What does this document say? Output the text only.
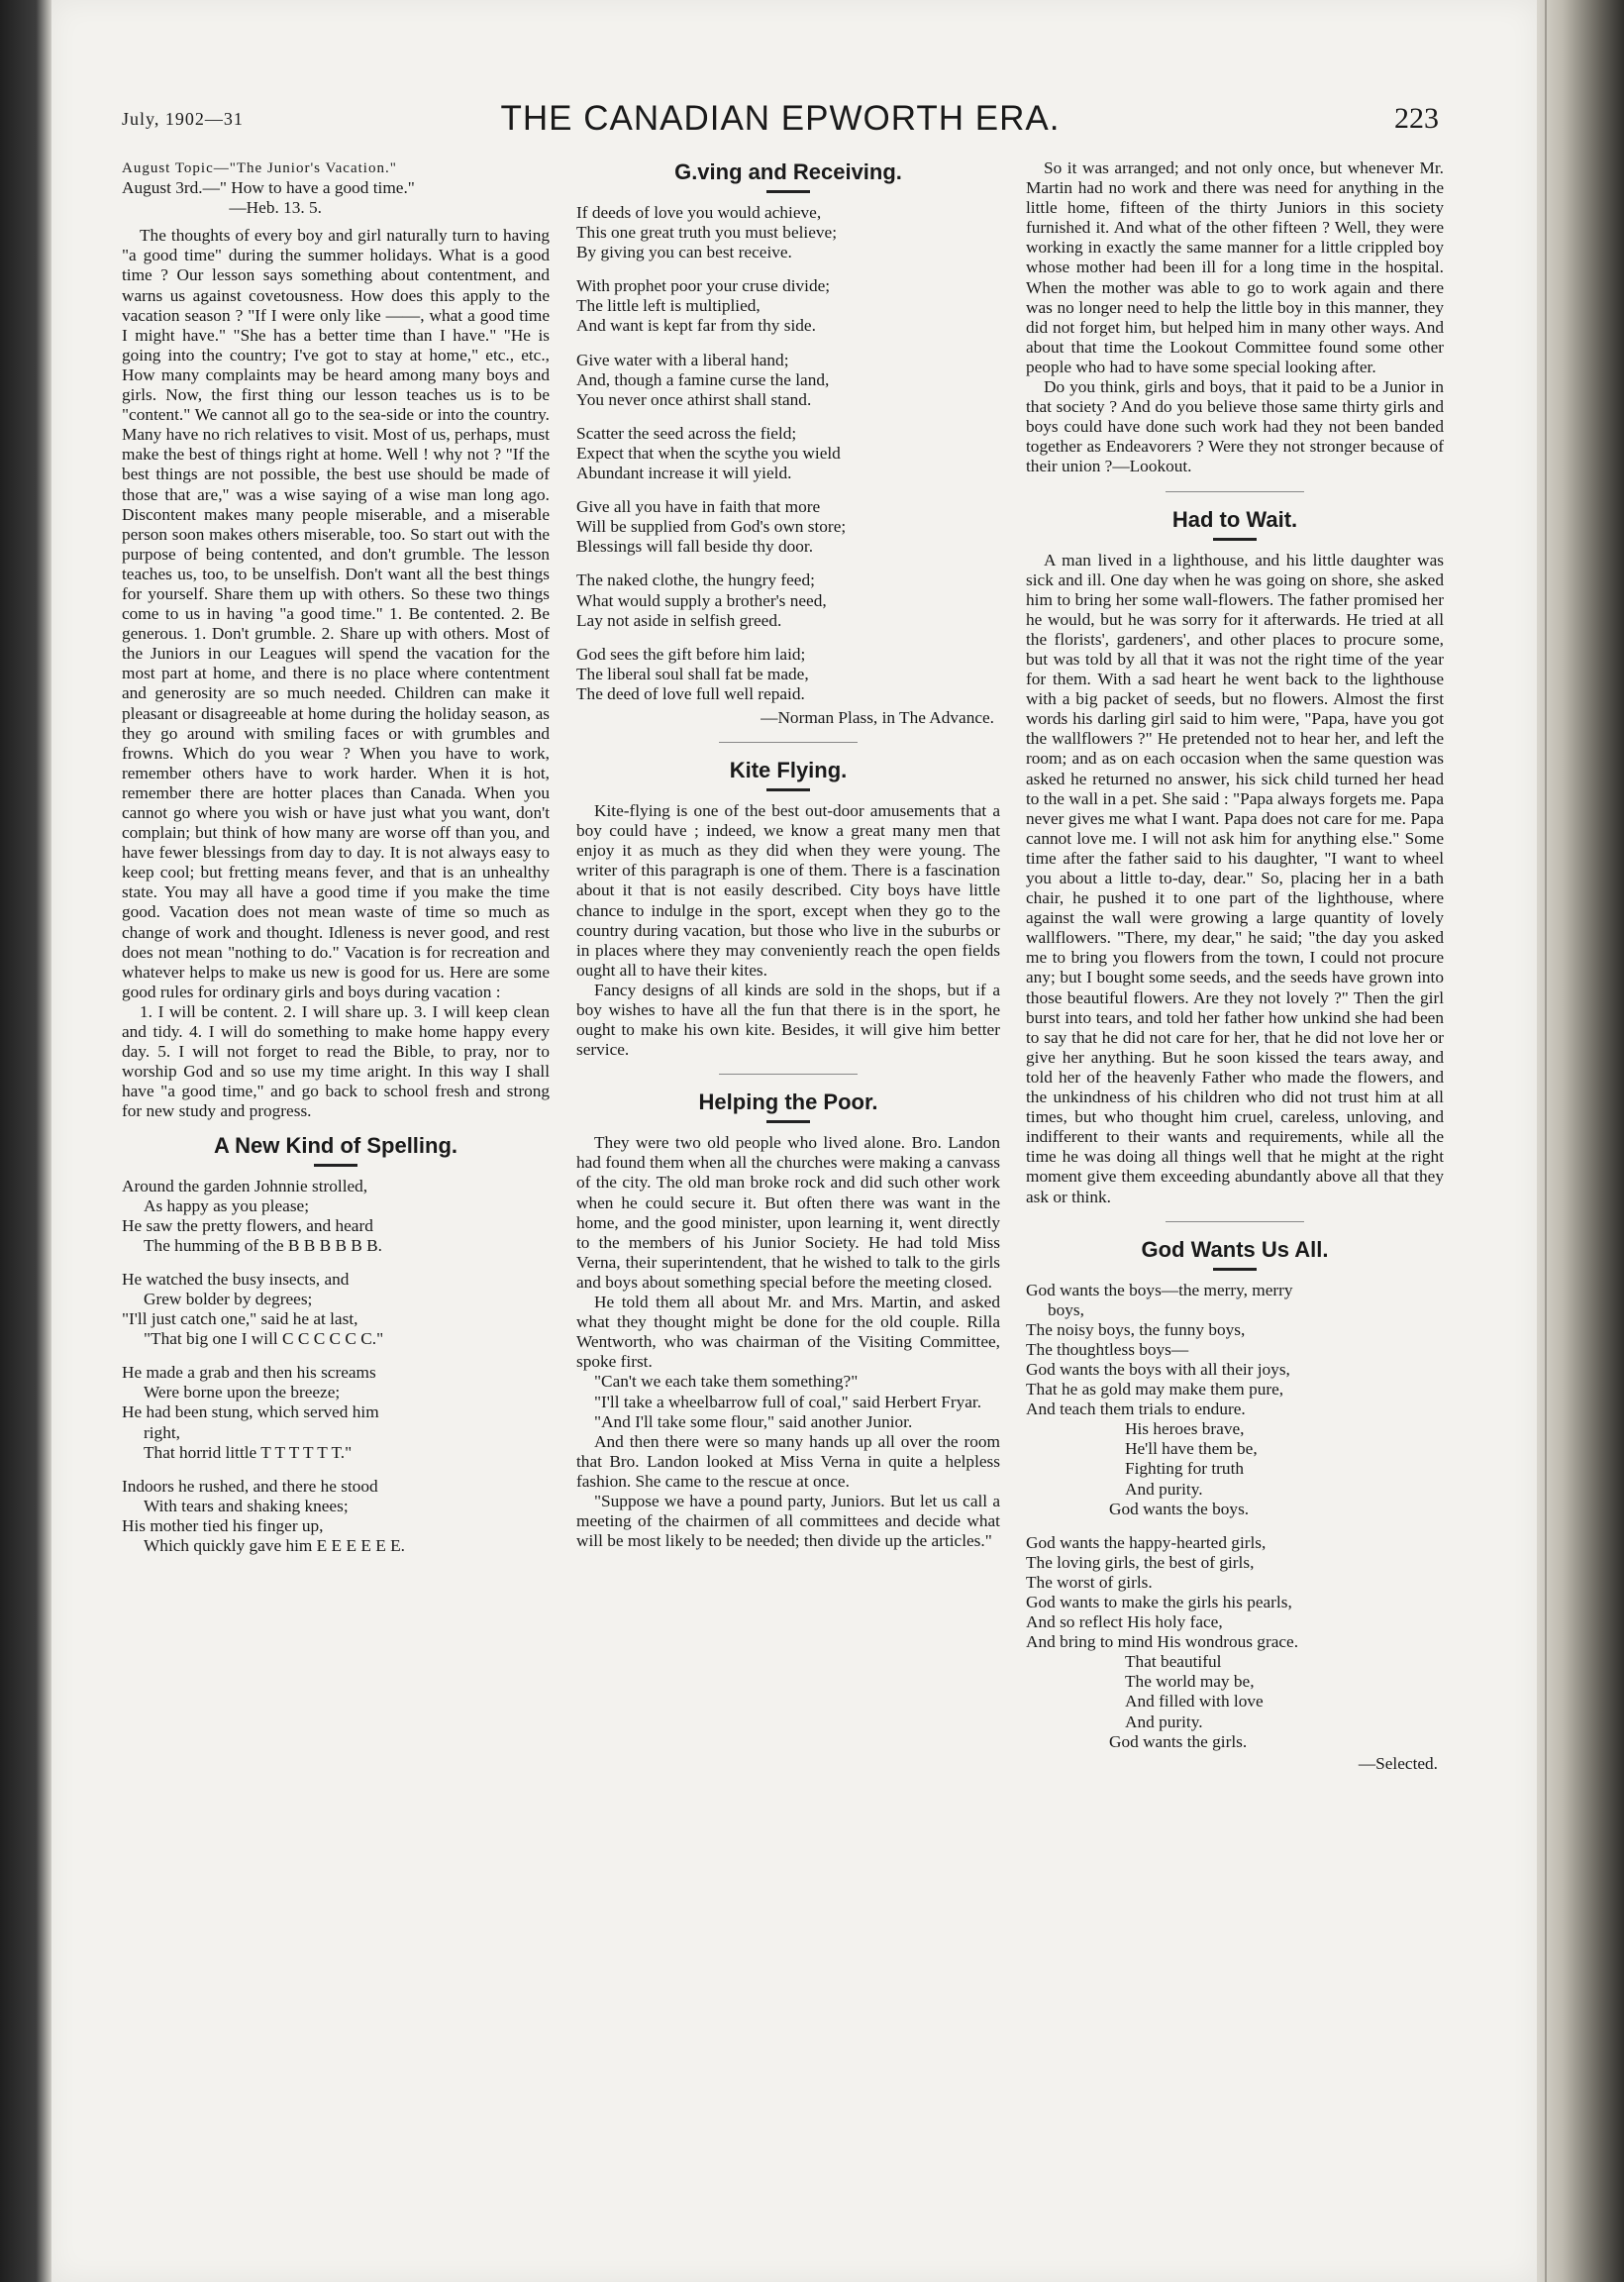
July, 1902—31	THE CANADIAN EPWORTH ERA.	223

August Topic—"The Junior's Vacation."

August 3rd.—" How to have a good time."

—Heb. 13. 5.

The thoughts of every boy and girl naturally turn to having "a good time" during the summer holidays. What is a good time ? Our lesson says something about contentment, and warns us against covetousness. How does this apply to the vacation season ? "If I were only like ——, what a good time I might have." "She has a better time than I have." "He is going into the country; I've got to stay at home," etc., etc., How many complaints may be heard among many boys and girls. Now, the first thing our lesson teaches us is to be "content." We cannot all go to the sea-side or into the country. Many have no rich relatives to visit. Most of us, perhaps, must make the best of things right at home. Well ! why not ? "If the best things are not possible, the best use should be made of those that are," was a wise saying of a wise man long ago. Discontent makes many people miserable, and a miserable person soon makes others miserable, too. So start out with the purpose of being contented, and don't grumble. The lesson teaches us, too, to be unselfish. Don't want all the best things for yourself. Share them up with others. So these two things come to us in having "a good time." 1. Be contented. 2. Be generous. 1. Don't grumble. 2. Share up with others. Most of the Juniors in our Leagues will spend the vacation for the most part at home, and there is no place where contentment and generosity are so much needed. Children can make it pleasant or disagreeable at home during the holiday season, as they go around with smiling faces or with grumbles and frowns. Which do you wear ? When you have to work, remember others have to work harder. When it is hot, remember there are hotter places than Canada. When you cannot go where you wish or have just what you want, don't complain; but think of how many are worse off than you, and have fewer blessings from day to day. It is not always easy to keep cool; but fretting means fever, and that is an unhealthy state. You may all have a good time if you make the time good. Vacation does not mean waste of time so much as change of work and thought. Idleness is never good, and rest does not mean "nothing to do." Vacation is for recreation and whatever helps to make us new is good for us. Here are some good rules for ordinary girls and boys during vacation :

1. I will be content. 2. I will share up. 3. I will keep clean and tidy. 4. I will do something to make home happy every day. 5. I will not forget to read the Bible, to pray, nor to worship God and so use my time aright. In this way I shall have "a good time," and go back to school fresh and strong for new study and progress.

A New Kind of Spelling.
Around the garden Johnnie strolled,
As happy as you please;
He saw the pretty flowers, and heard
The humming of the B B B B B B.
He watched the busy insects, and
Grew bolder by degrees;
"I'll just catch one," said he at last,
"That big one I will C C C C C C."
He made a grab and then his screams
Were borne upon the breeze;
He had been stung, which served him
right,
That horrid little T T T T T T."
Indoors he rushed, and there he stood
With tears and shaking knees;
His mother tied his finger up,
Which quickly gave him E E E E E E.
G.ving and Receiving.
If deeds of love you would achieve,
This one great truth you must believe;
By giving you can best receive.
With prophet poor your cruse divide;
The little left is multiplied,
And want is kept far from thy side.
Give water with a liberal hand;
And, though a famine curse the land,
You never once athirst shall stand.
Scatter the seed across the field;
Expect that when the scythe you wield
Abundant increase it will yield.
Give all you have in faith that more
Will be supplied from God's own store;
Blessings will fall beside thy door.
The naked clothe, the hungry feed;
What would supply a brother's need,
Lay not aside in selfish greed.
God sees the gift before him laid;
The liberal soul shall fat be made,
The deed of love full well repaid.

—Norman Plass, in The Advance.

Kite Flying.

Kite-flying is one of the best out-door amusements that a boy could have ; indeed, we know a great many men that enjoy it as much as they did when they were young. The writer of this paragraph is one of them. There is a fascination about it that is not easily described. City boys have little chance to indulge in the sport, except when they go to the country during vacation, but those who live in the suburbs or in places where they may conveniently reach the open fields ought all to have their kites.

Fancy designs of all kinds are sold in the shops, but if a boy wishes to have all the fun that there is in the sport, he ought to make his own kite. Besides, it will give him better service.

Helping the Poor.

They were two old people who lived alone. Bro. Landon had found them when all the churches were making a canvass of the city. The old man broke rock and did such other work when he could secure it. But often there was want in the home, and the good minister, upon learning it, went directly to the members of his Junior Society. He had told Miss Verna, their superintendent, that he wished to talk to the girls and boys about something special before the meeting closed.

He told them all about Mr. and Mrs. Martin, and asked what they thought might be done for the old couple. Rilla Wentworth, who was chairman of the Visiting Committee, spoke first.

"Can't we each take them something?"

"I'll take a wheelbarrow full of coal," said Herbert Fryar.

"And I'll take some flour," said another Junior.

And then there were so many hands up all over the room that Bro. Landon looked at Miss Verna in quite a helpless fashion. She came to the rescue at once.

"Suppose we have a pound party, Juniors. But let us call a meeting of the chairmen of all committees and decide what will be most likely to be needed; then divide up the articles."

So it was arranged; and not only once, but whenever Mr. Martin had no work and there was need for anything in the little home, fifteen of the thirty Juniors in this society furnished it. And what of the other fifteen ? Well, they were working in exactly the same manner for a little crippled boy whose mother had been ill for a long time in the hospital. When the mother was able to go to work again and there was no longer need to help the little boy in this manner, they did not forget him, but helped him in many other ways. And about that time the Lookout Committee found some other people who had to have some special looking after.

Do you think, girls and boys, that it paid to be a Junior in that society ? And do you believe those same thirty girls and boys could have done such work had they not been banded together as Endeavorers ? Were they not stronger because of their union ?—Lookout.

Had to Wait.

A man lived in a lighthouse, and his little daughter was sick and ill. One day when he was going on shore, she asked him to bring her some wall-flowers. The father promised her he would, but he was sorry for it afterwards. He tried at all the florists', gardeners', and other places to procure some, but was told by all that it was not the right time of the year for them. With a sad heart he went back to the lighthouse with a big packet of seeds, but no flowers. Almost the first words his darling girl said to him were, "Papa, have you got the wallflowers ?" He pretended not to hear her, and left the room; and as on each occasion when the same question was asked he returned no answer, his sick child turned her head to the wall in a pet. She said : "Papa always forgets me. Papa never gives me what I want. Papa does not care for me. Papa cannot love me. I will not ask him for anything else." Some time after the father said to his daughter, "I want to wheel you about a little to-day, dear." So, placing her in a bath chair, he pushed it to one part of the lighthouse, where against the wall were growing a large quantity of lovely wallflowers. "There, my dear," he said; "the day you asked me to bring you flowers from the town, I could not procure any; but I bought some seeds, and the seeds have grown into those beautiful flowers. Are they not lovely ?" Then the girl burst into tears, and told her father how unkind she had been to say that he did not care for her, that he did not love her or give her anything. But he soon kissed the tears away, and told her of the heavenly Father who made the flowers, and the unkindness of his children who did not trust him at all times, but who thought him cruel, careless, unloving, and indifferent to their wants and requirements, while all the time he was doing all things well that he might at the right moment give them exceeding abundantly above all that they ask or think.

God Wants Us All.
God wants the boys—the merry, merry
boys,
The noisy boys, the funny boys,
The thoughtless boys—
God wants the boys with all their joys,
That he as gold may make them pure,
And teach them trials to endure.
His heroes brave,
He'll have them be,
Fighting for truth
And purity.
God wants the boys.
God wants the happy-hearted girls,
The loving girls, the best of girls,
The worst of girls.
God wants to make the girls his pearls,
And so reflect His holy face,
And bring to mind His wondrous grace.
That beautiful
The world may be,
And filled with love
And purity.
God wants the girls.

—Selected.
